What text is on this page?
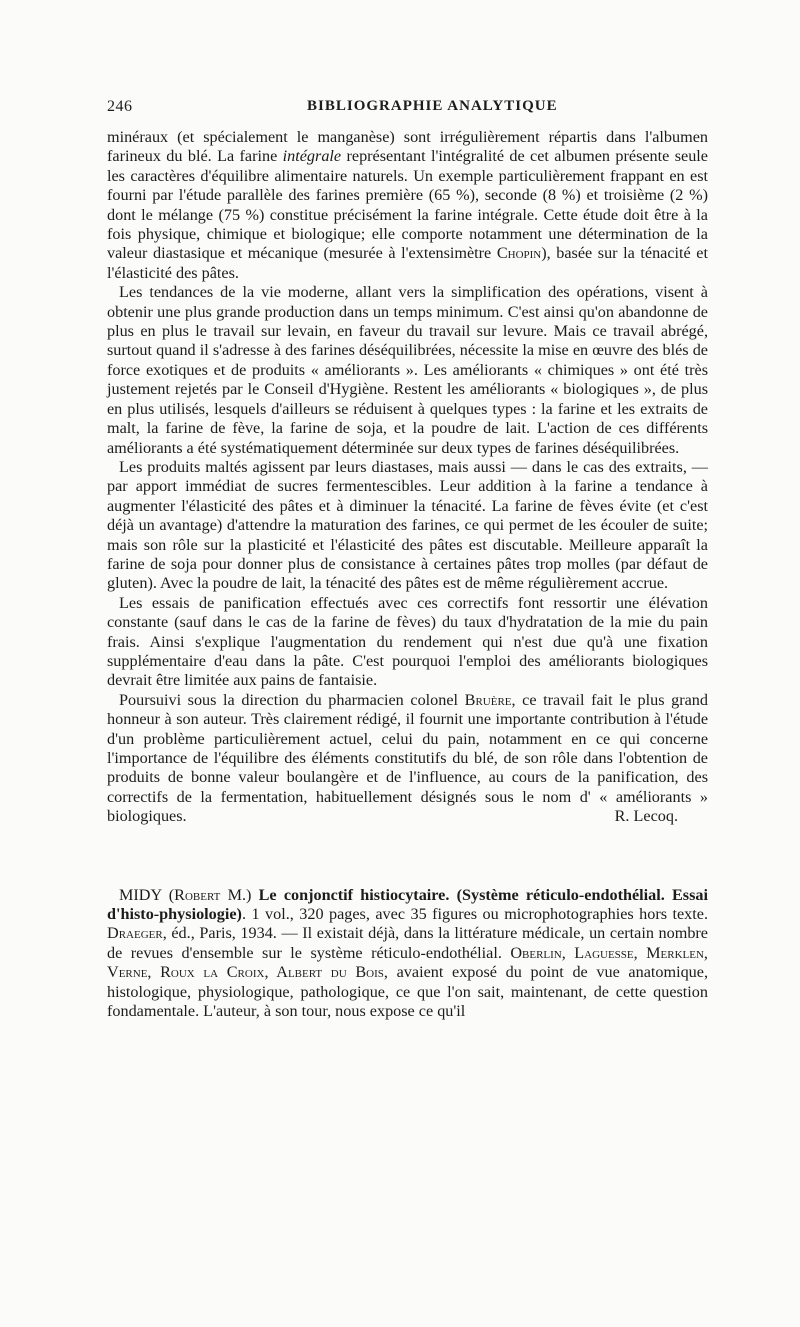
246	BIBLIOGRAPHIE ANALYTIQUE

minéraux (et spécialement le manganèse) sont irrégulièrement répartis dans l'albumen farineux du blé. La farine intégrale représentant l'intégralité de cet albumen présente seule les caractères d'équilibre alimentaire naturels. Un exemple particulièrement frappant en est fourni par l'étude parallèle des farines première (65 %), seconde (8 %) et troisième (2 %) dont le mélange (75 %) constitue précisément la farine intégrale. Cette étude doit être à la fois physique, chimique et biologique; elle comporte notamment une détermination de la valeur diastasique et mécanique (mesurée à l'extensimètre Chopin), basée sur la ténacité et l'élasticité des pâtes.

Les tendances de la vie moderne, allant vers la simplification des opérations, visent à obtenir une plus grande production dans un temps minimum. C'est ainsi qu'on abandonne de plus en plus le travail sur levain, en faveur du travail sur levure. Mais ce travail abrégé, surtout quand il s'adresse à des farines déséquilibrées, nécessite la mise en œuvre des blés de force exotiques et de produits « améliorants ». Les améliorants « chimiques » ont été très justement rejetés par le Conseil d'Hygiène. Restent les améliorants « biologiques », de plus en plus utilisés, lesquels d'ailleurs se réduisent à quelques types : la farine et les extraits de malt, la farine de fève, la farine de soja, et la poudre de lait. L'action de ces différents améliorants a été systématiquement déterminée sur deux types de farines déséquilibrées.

Les produits maltés agissent par leurs diastases, mais aussi — dans le cas des extraits, — par apport immédiat de sucres fermentescibles. Leur addition à la farine a tendance à augmenter l'élasticité des pâtes et à diminuer la ténacité. La farine de fèves évite (et c'est déjà un avantage) d'attendre la maturation des farines, ce qui permet de les écouler de suite; mais son rôle sur la plasticité et l'élasticité des pâtes est discutable. Meilleure apparaît la farine de soja pour donner plus de consistance à certaines pâtes trop molles (par défaut de gluten). Avec la poudre de lait, la ténacité des pâtes est de même régulièrement accrue.

Les essais de panification effectués avec ces correctifs font ressortir une élévation constante (sauf dans le cas de la farine de fèves) du taux d'hydratation de la mie du pain frais. Ainsi s'explique l'augmentation du rendement qui n'est due qu'à une fixation supplémentaire d'eau dans la pâte. C'est pourquoi l'emploi des améliorants biologiques devrait être limitée aux pains de fantaisie.

Poursuivi sous la direction du pharmacien colonel Bruère, ce travail fait le plus grand honneur à son auteur. Très clairement rédigé, il fournit une importante contribution à l'étude d'un problème particulièrement actuel, celui du pain, notamment en ce qui concerne l'importance de l'équilibre des éléments constitutifs du blé, de son rôle dans l'obtention de produits de bonne valeur boulangère et de l'influence, au cours de la panification, des correctifs de la fermentation, habituellement désignés sous le nom d' « améliorants » biologiques.	R. Lecoq.

MIDY (Robert M.) Le conjonctif histiocytaire. (Système réticulo-endothélial. Essai d'histo-physiologie). 1 vol., 320 pages, avec 35 figures ou microphotographies hors texte. Draeger, éd., Paris, 1934. — Il existait déjà, dans la littérature médicale, un certain nombre de revues d'ensemble sur le système réticulo-endothélial. Oberlin, Laguesse, Merklen, Verne, Roux la Croix, Albert du Bois, avaient exposé du point de vue anatomique, histologique, physiologique, pathologique, ce que l'on sait, maintenant, de cette question fondamentale. L'auteur, à son tour, nous expose ce qu'il
